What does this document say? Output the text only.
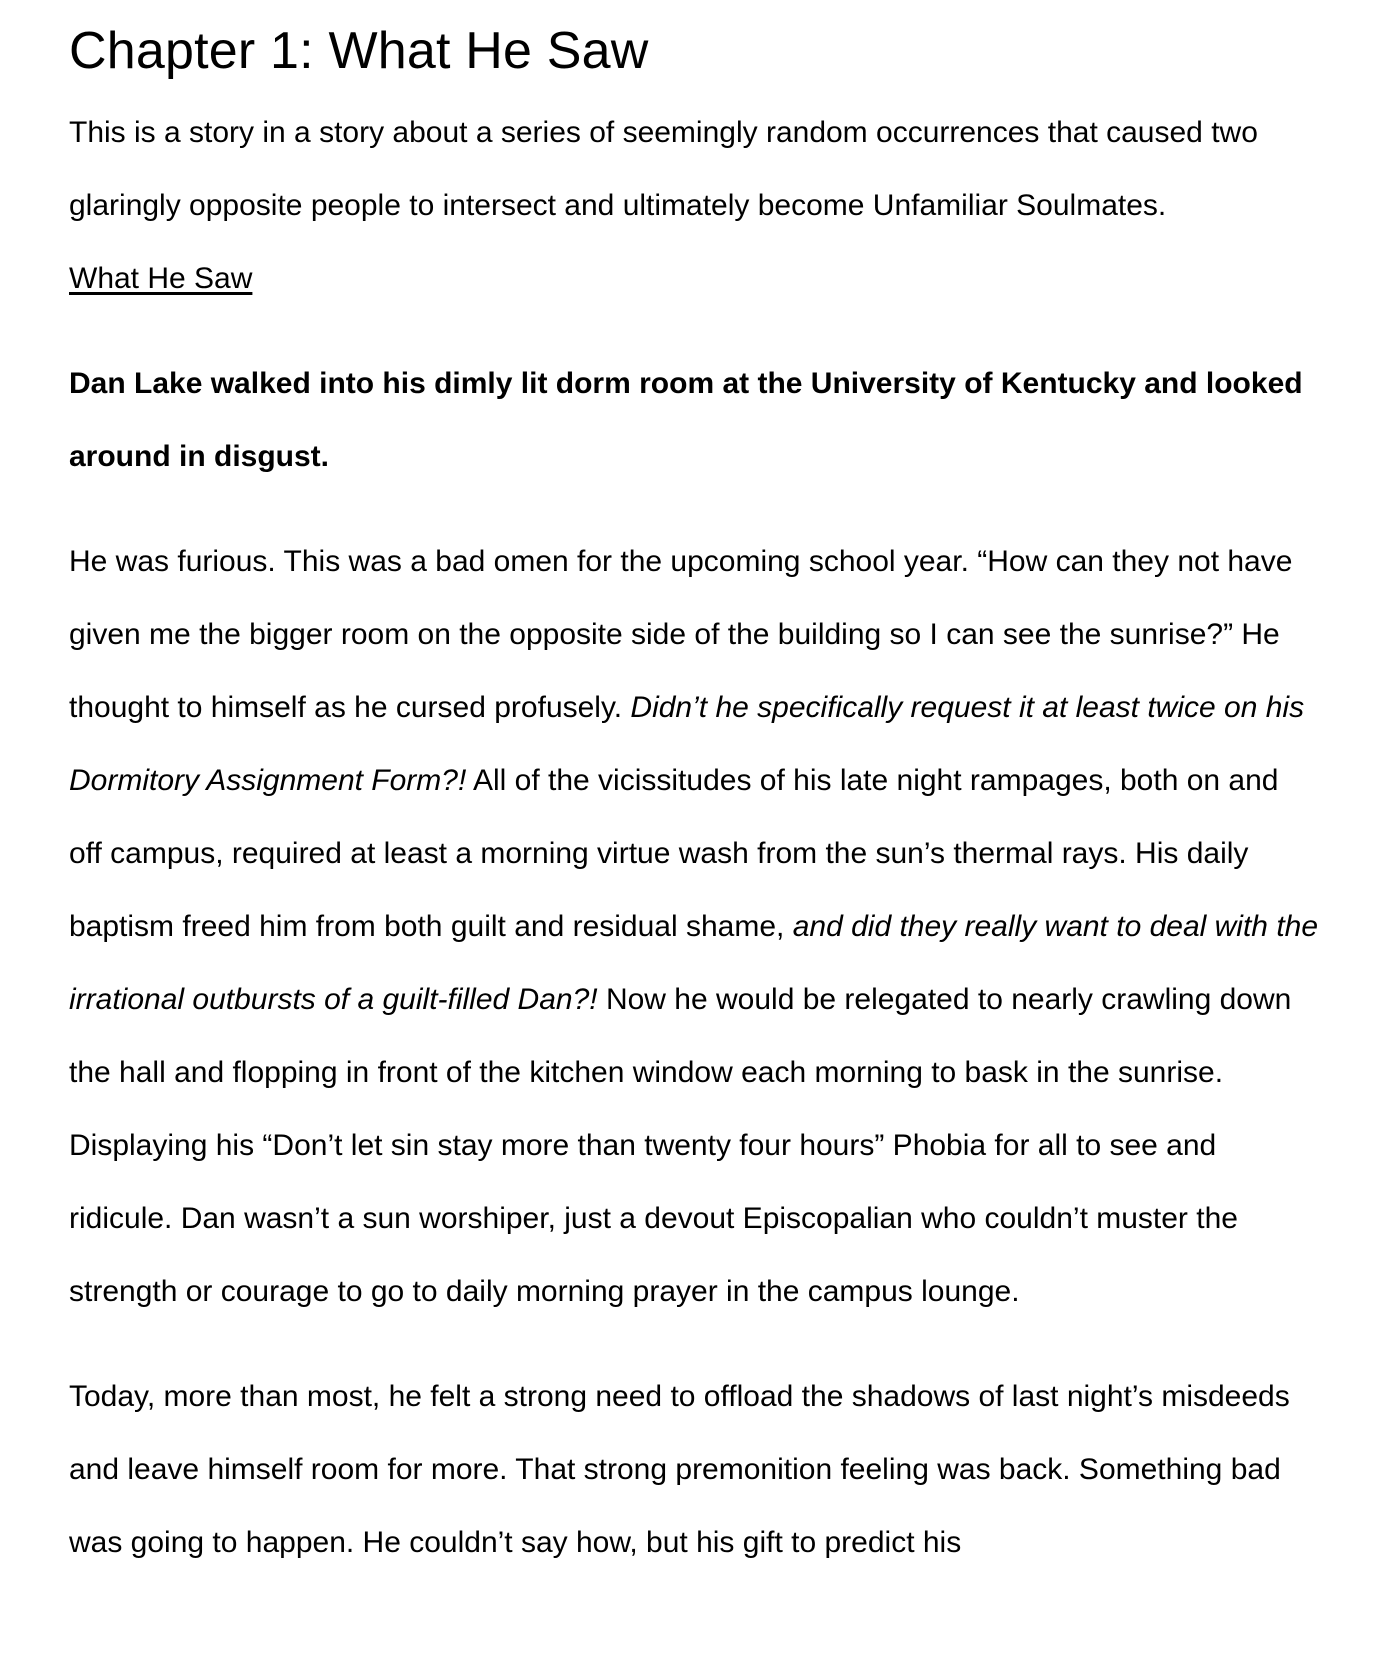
Chapter 1: What He Saw

This is a story in a story about a series of seemingly random occurrences that caused two glaringly opposite people to intersect and ultimately become Unfamiliar Soulmates.

What He Saw

Dan Lake walked into his dimly lit dorm room at the University of Kentucky and looked around in disgust.

He was furious. This was a bad omen for the upcoming school year. “How can they not have given me the bigger room on the opposite side of the building so I can see the sunrise?” He thought to himself as he cursed profusely. Didn’t he specifically request it at least twice on his Dormitory Assignment Form?! All of the vicissitudes of his late night rampages, both on and off campus, required at least a morning virtue wash from the sun’s thermal rays. His daily baptism freed him from both guilt and residual shame, and did they really want to deal with the irrational outbursts of a guilt-filled Dan?! Now he would be relegated to nearly crawling down the hall and flopping in front of the kitchen window each morning to bask in the sunrise. Displaying his “Don’t let sin stay more than twenty four hours” Phobia for all to see and ridicule. Dan wasn’t a sun worshiper, just a devout Episcopalian who couldn’t muster the strength or courage to go to daily morning prayer in the campus lounge.

Today, more than most, he felt a strong need to offload the shadows of last night’s misdeeds and leave himself room for more. That strong premonition feeling was back. Something bad was going to happen. He couldn’t say how, but his gift to predict his
